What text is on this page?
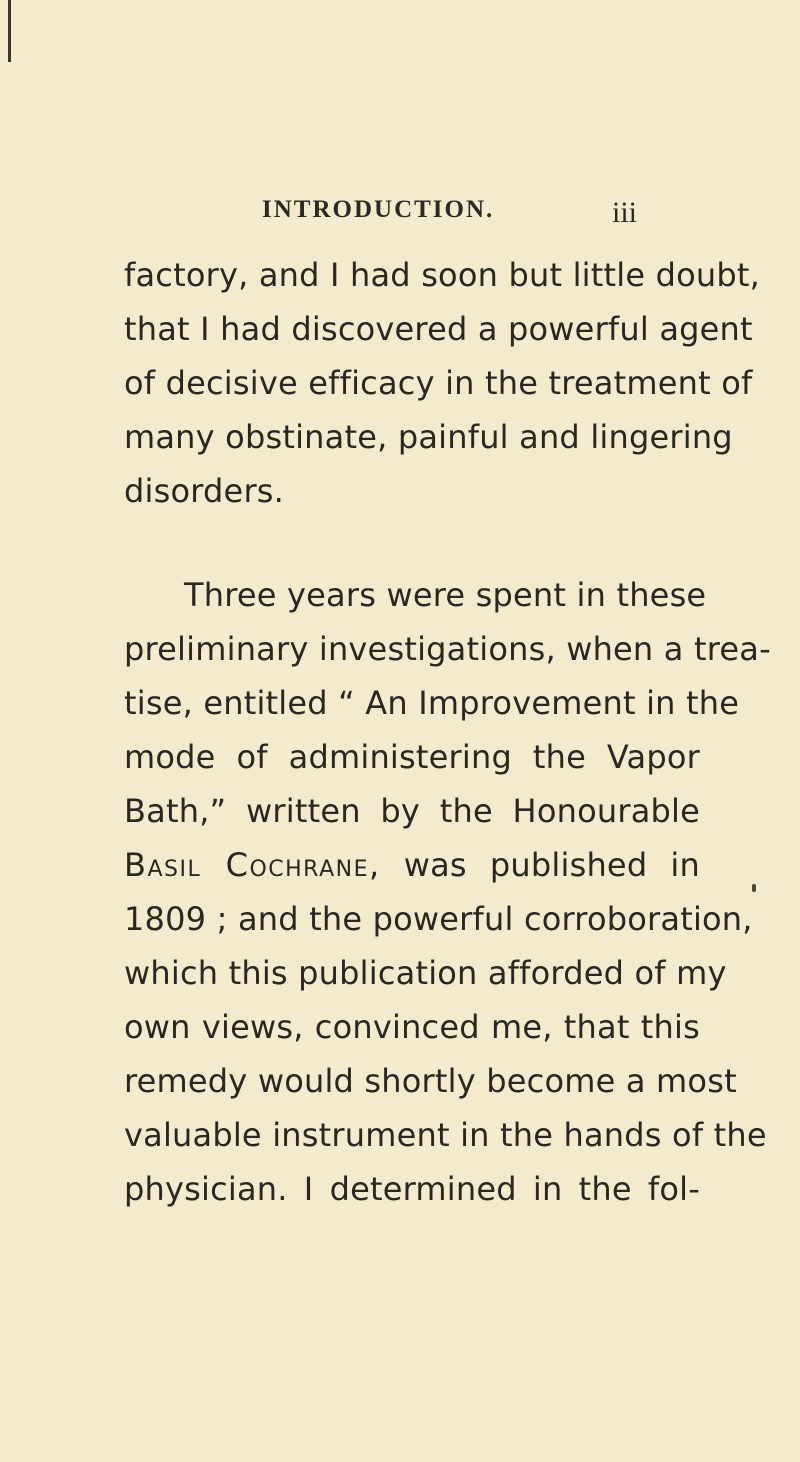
INTRODUCTION.	iii
factory, and I had soon but little doubt,
that I had discovered a powerful agent
of decisive efficacy in the treatment of
many obstinate, painful and lingering
disorders.
Three years were spent in these
preliminary investigations, when a trea-
tise, entitled “ An Improvement in the
mode of administering the Vapor
Bath,” written by the Honourable
Basil Cochrane, was published in
1809 ; and the powerful corroboration,
which this publication afforded of my
own views, convinced me, that this
remedy would shortly become a most
valuable instrument in the hands of the
physician. I determined in the fol-
